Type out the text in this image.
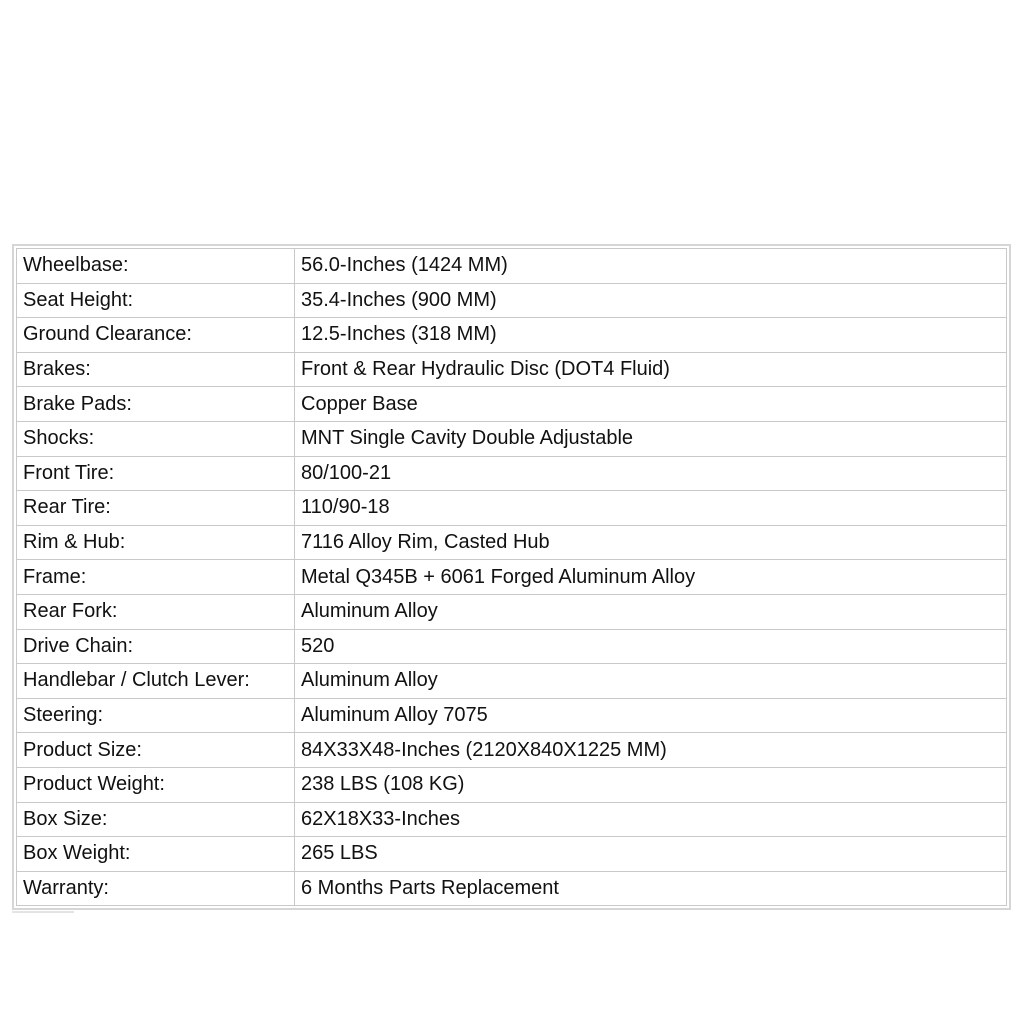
Wheelbase:	56.0-Inches (1424 MM)
Seat Height:	35.4-Inches (900 MM)
Ground Clearance:	12.5-Inches (318 MM)
Brakes:	Front & Rear Hydraulic Disc (DOT4 Fluid)
Brake Pads:	Copper Base
Shocks:	MNT Single Cavity Double Adjustable
Front Tire:	80/100-21
Rear Tire:	110/90-18
Rim & Hub:	7116 Alloy Rim, Casted Hub
Frame:	Metal Q345B + 6061 Forged Aluminum Alloy
Rear Fork:	Aluminum Alloy
Drive Chain:	520
Handlebar / Clutch Lever:	Aluminum Alloy
Steering:	Aluminum Alloy 7075
Product Size:	84X33X48-Inches (2120X840X1225 MM)
Product Weight:	238 LBS (108 KG)
Box Size:	62X18X33-Inches
Box Weight:	265 LBS
Warranty:	6 Months Parts Replacement
